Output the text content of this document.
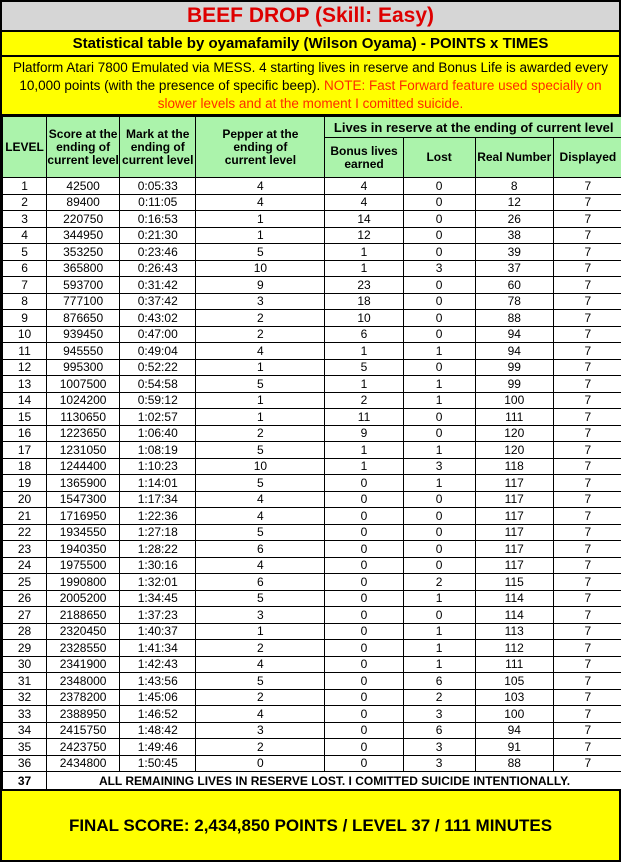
BEEF DROP (Skill: Easy)
Statistical table by oyamafamily (Wilson Oyama) - POINTS x TIMES
Platform Atari 7800 Emulated via MESS. 4 starting lives in reserve and Bonus Life is awarded every 10,000 points (with the presence of specific beep). NOTE: Fast Forward feature used specially on slower levels and at the moment I comitted suicide.
LEVEL	Score at the ending of current level	Mark at the ending of current level	Pepper at the ending of current level	Lives in reserve at the ending of current level			
				Bonus lives earned	Lost	Real Number	Displayed
1	42500	0:05:33	4	4	0	8	7
2	89400	0:11:05	4	4	0	12	7
3	220750	0:16:53	1	14	0	26	7
4	344950	0:21:30	1	12	0	38	7
5	353250	0:23:46	5	1	0	39	7
6	365800	0:26:43	10	1	3	37	7
7	593700	0:31:42	9	23	0	60	7
8	777100	0:37:42	3	18	0	78	7
9	876650	0:43:02	2	10	0	88	7
10	939450	0:47:00	2	6	0	94	7
11	945550	0:49:04	4	1	1	94	7
12	995300	0:52:22	1	5	0	99	7
13	1007500	0:54:58	5	1	1	99	7
14	1024200	0:59:12	1	2	1	100	7
15	1130650	1:02:57	1	11	0	111	7
16	1223650	1:06:40	2	9	0	120	7
17	1231050	1:08:19	5	1	1	120	7
18	1244400	1:10:23	10	1	3	118	7
19	1365900	1:14:01	5	0	1	117	7
20	1547300	1:17:34	4	0	0	117	7
21	1716950	1:22:36	4	0	0	117	7
22	1934550	1:27:18	5	0	0	117	7
23	1940350	1:28:22	6	0	0	117	7
24	1975500	1:30:16	4	0	0	117	7
25	1990800	1:32:01	6	0	2	115	7
26	2005200	1:34:45	5	0	1	114	7
27	2188650	1:37:23	3	0	0	114	7
28	2320450	1:40:37	1	0	1	113	7
29	2328550	1:41:34	2	0	1	112	7
30	2341900	1:42:43	4	0	1	111	7
31	2348000	1:43:56	5	0	6	105	7
32	2378200	1:45:06	2	0	2	103	7
33	2388950	1:46:52	4	0	3	100	7
34	2415750	1:48:42	3	0	6	94	7
35	2423750	1:49:46	2	0	3	91	7
36	2434800	1:50:45	0	0	3	88	7
37	ALL REMAINING LIVES IN RESERVE LOST. I COMITTED SUICIDE INTENTIONALLY.						
FINAL SCORE: 2,434,850 POINTS / LEVEL 37 / 111 MINUTES
